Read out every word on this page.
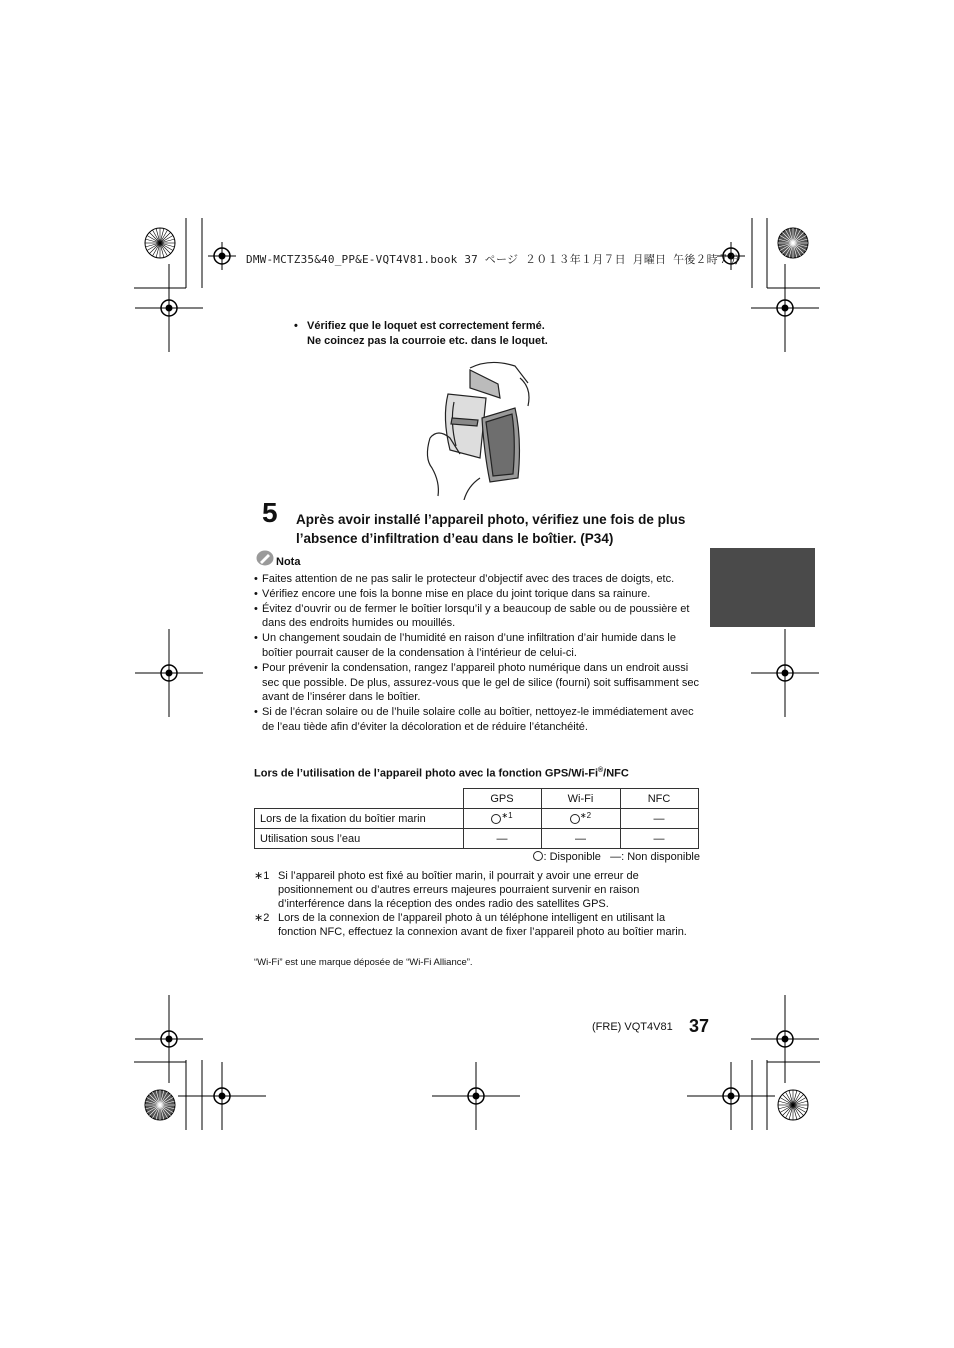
DMW-MCTZ35&40_PP&E-VQT4V81.book 37 ページ ２０１３年１月７日 月曜日 午後２時７分
• Vérifiez que le loquet est correctement fermé.
Ne coincez pas la courroie etc. dans le loquet.
5 Après avoir installé l’appareil photo, vérifiez une fois de plus l’absence d’infiltration d’eau dans le boîtier. (P34)
Nota
• Faites attention de ne pas salir le protecteur d’objectif avec des traces de doigts, etc.
• Vérifiez encore une fois la bonne mise en place du joint torique dans sa rainure.
• Évitez d’ouvrir ou de fermer le boîtier lorsqu’il y a beaucoup de sable ou de poussière et dans des endroits humides ou mouillés.
• Un changement soudain de l’humidité en raison d’une infiltration d’air humide dans le boîtier pourrait causer de la condensation à l’intérieur de celui-ci.
• Pour prévenir la condensation, rangez l’appareil photo numérique dans un endroit aussi sec que possible. De plus, assurez-vous que le gel de silice (fourni) soit suffisamment sec avant de l’insérer dans le boîtier.
• Si de l’écran solaire ou de l’huile solaire colle au boîtier, nettoyez-le immédiatement avec de l’eau tiède afin d’éviter la décoloration et de réduire l’étanchéité.
Lors de l’utilisation de l’appareil photo avec la fonction GPS/Wi-Fi®/NFC
	GPS	Wi-Fi	NFC
Lors de la fixation du boîtier marin	$^{∗1}$	$^{∗2}$	—
Utilisation sous l’eau	—	—	—
: Disponible —: Non disponible
∗1 Si l’appareil photo est fixé au boîtier marin, il pourrait y avoir une erreur de positionnement ou d’autres erreurs majeures pourraient survenir en raison d’interférence dans la réception des ondes radio des satellites GPS.
∗2 Lors de la connexion de l’appareil photo à un téléphone intelligent en utilisant la fonction NFC, effectuez la connexion avant de fixer l’appareil photo au boîtier marin.
“Wi-Fi” est une marque déposée de “Wi-Fi Alliance”.
(FRE) VQT4V81 37
